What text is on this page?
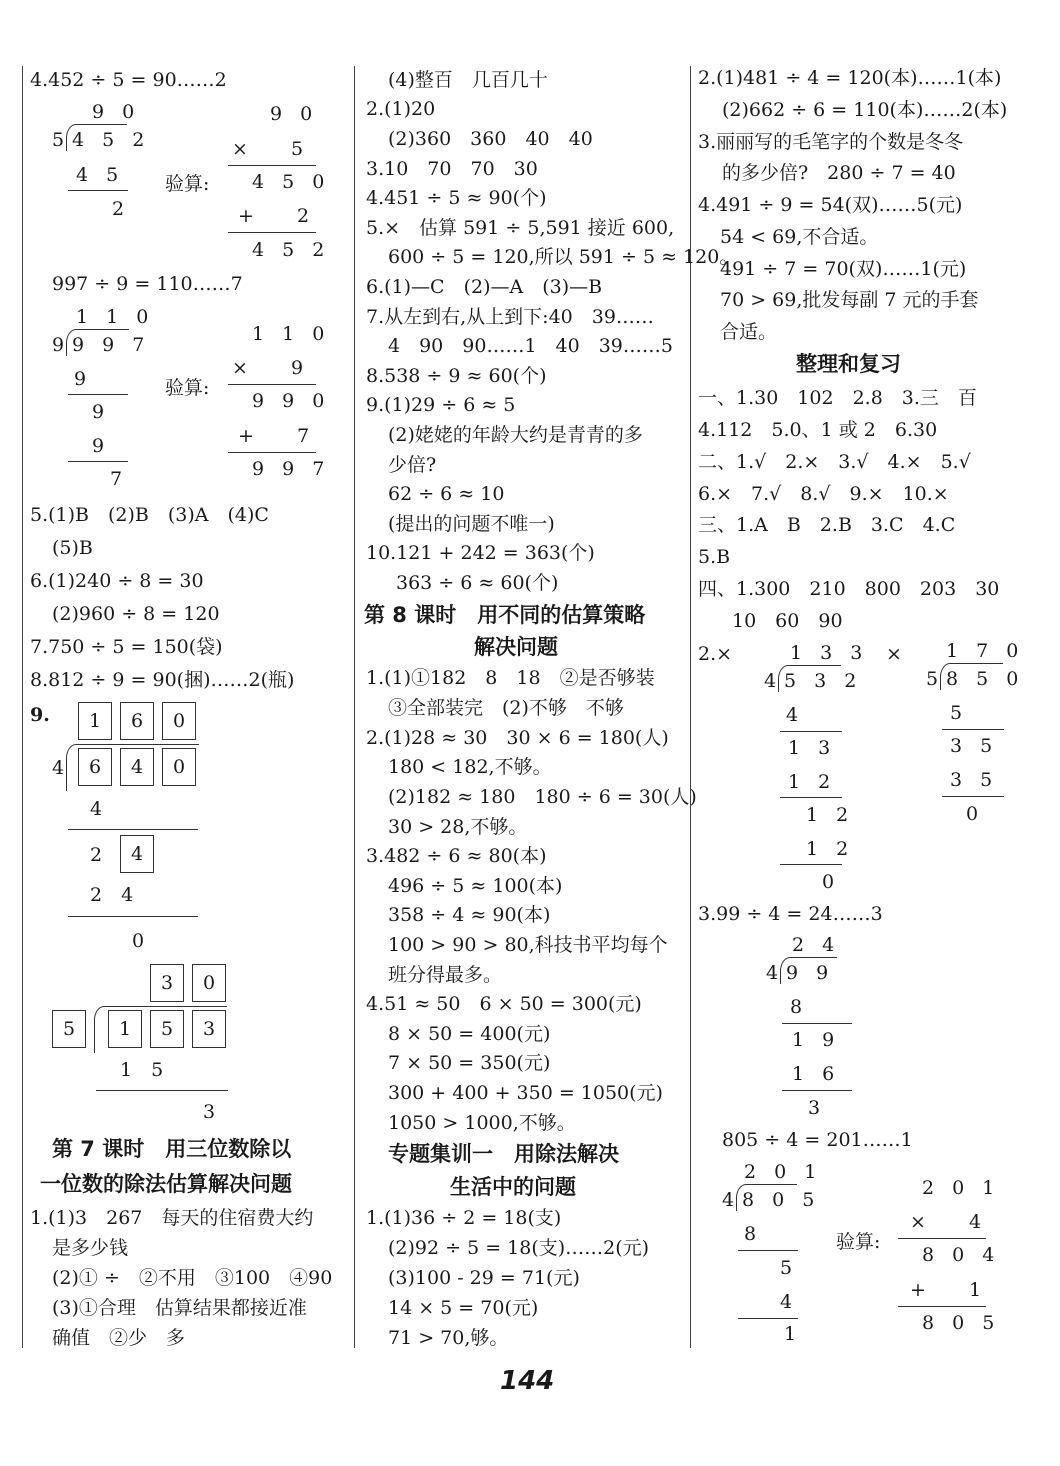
4.452 ÷ 5 = 90……2
9 0
5 4 5 2
4 5
2
验算:
9 0
× 　5
4 5 0
+ 　2
4 5 2
997 ÷ 9 = 110……7
1 1 0
9 9 9 7
9
9
9
7
验算:
1 1 0
× 　9
9 9 0
+ 　7
9 9 7
5.(1)B　(2)B　(3)A　(4)C
(5)B
6.(1)240 ÷ 8 = 30
(2)960 ÷ 8 = 120
7.750 ÷ 5 = 150(袋)
8.812 ÷ 9 = 90(捆)……2(瓶)
9.	1	6	0
4	6	4	0
4
2	4
2　4
0
3	0
5	1	5	3
1　5
3
第 7 课时　用三位数除以
一位数的除法估算解决问题
1.(1)3　267　每天的住宿费大约
是多少钱
(2)① ÷　②不用　③100　④90
(3)①合理　估算结果都接近准
确值　②少　多
(4)整百　几百几十
2.(1)20
(2)360　360　40　40
3.10　70　70　30
4.451 ÷ 5 ≈ 90(个)
5.×　估算 591 ÷ 5,591 接近 600,
600 ÷ 5 = 120,所以 591 ÷ 5 ≈ 120。
6.(1)—C　(2)—A　(3)—B
7.从左到右,从上到下:40　39……
4　90　90……1　40　39……5
8.538 ÷ 9 ≈ 60(个)
9.(1)29 ÷ 6 ≈ 5
(2)姥姥的年龄大约是青青的多
少倍?
62 ÷ 6 ≈ 10
(提出的问题不唯一)
10.121 + 242 = 363(个)
363 ÷ 6 ≈ 60(个)
第 8 课时　用不同的估算策略
解决问题
1.(1)①182　8　18　②是否够装
③全部装完　(2)不够　不够
2.(1)28 ≈ 30　30 × 6 = 180(人)
180 < 182,不够。
(2)182 ≈ 180　180 ÷ 6 = 30(人)
30 > 28,不够。
3.482 ÷ 6 ≈ 80(本)
496 ÷ 5 ≈ 100(本)
358 ÷ 4 ≈ 90(本)
100 > 90 > 80,科技书平均每个
班分得最多。
4.51 ≈ 50　6 × 50 = 300(元)
8 × 50 = 400(元)
7 × 50 = 350(元)
300 + 400 + 350 = 1050(元)
1050 > 1000,不够。
专题集训一　用除法解决
生活中的问题
1.(1)36 ÷ 2 = 18(支)
(2)92 ÷ 5 = 18(支)……2(元)
(3)100 - 29 = 71(元)
14 × 5 = 70(元)
71 > 70,够。
2.(1)481 ÷ 4 = 120(本)……1(本)
(2)662 ÷ 6 = 110(本)……2(本)
3.丽丽写的毛笔字的个数是冬冬
的多少倍?　280 ÷ 7 = 40
4.491 ÷ 9 = 54(双)……5(元)
54 < 69,不合适。
491 ÷ 7 = 70(双)……1(元)
70 > 69,批发每副 7 元的手套
合适。
整理和复习
一、1.30　102　2.8　3.三　百
4.112　5.0、1 或 2　6.30
二、1.√　2.×　3.√　4.×　5.√
6.×　7.√　8.√　9.×　10.×
三、1.A　B　2.B　3.C　4.C
5.B
四、1.300　210　800　203　30
10　60　90
2.×	×
1 3 3
4 5 3 2
4
1 3
1 2
1 2
1 2
0
1 7 0
5 8 5 0
5
3 5
3 5
0
3.99 ÷ 4 = 24……3
2 4
4 9 9
8
1 9
1 6
3
805 ÷ 4 = 201……1
2 0 1
4 8 0 5
8
5
4
1
验算:
2 0 1
× 　4
8 0 4
+ 　1
8 0 5
144
